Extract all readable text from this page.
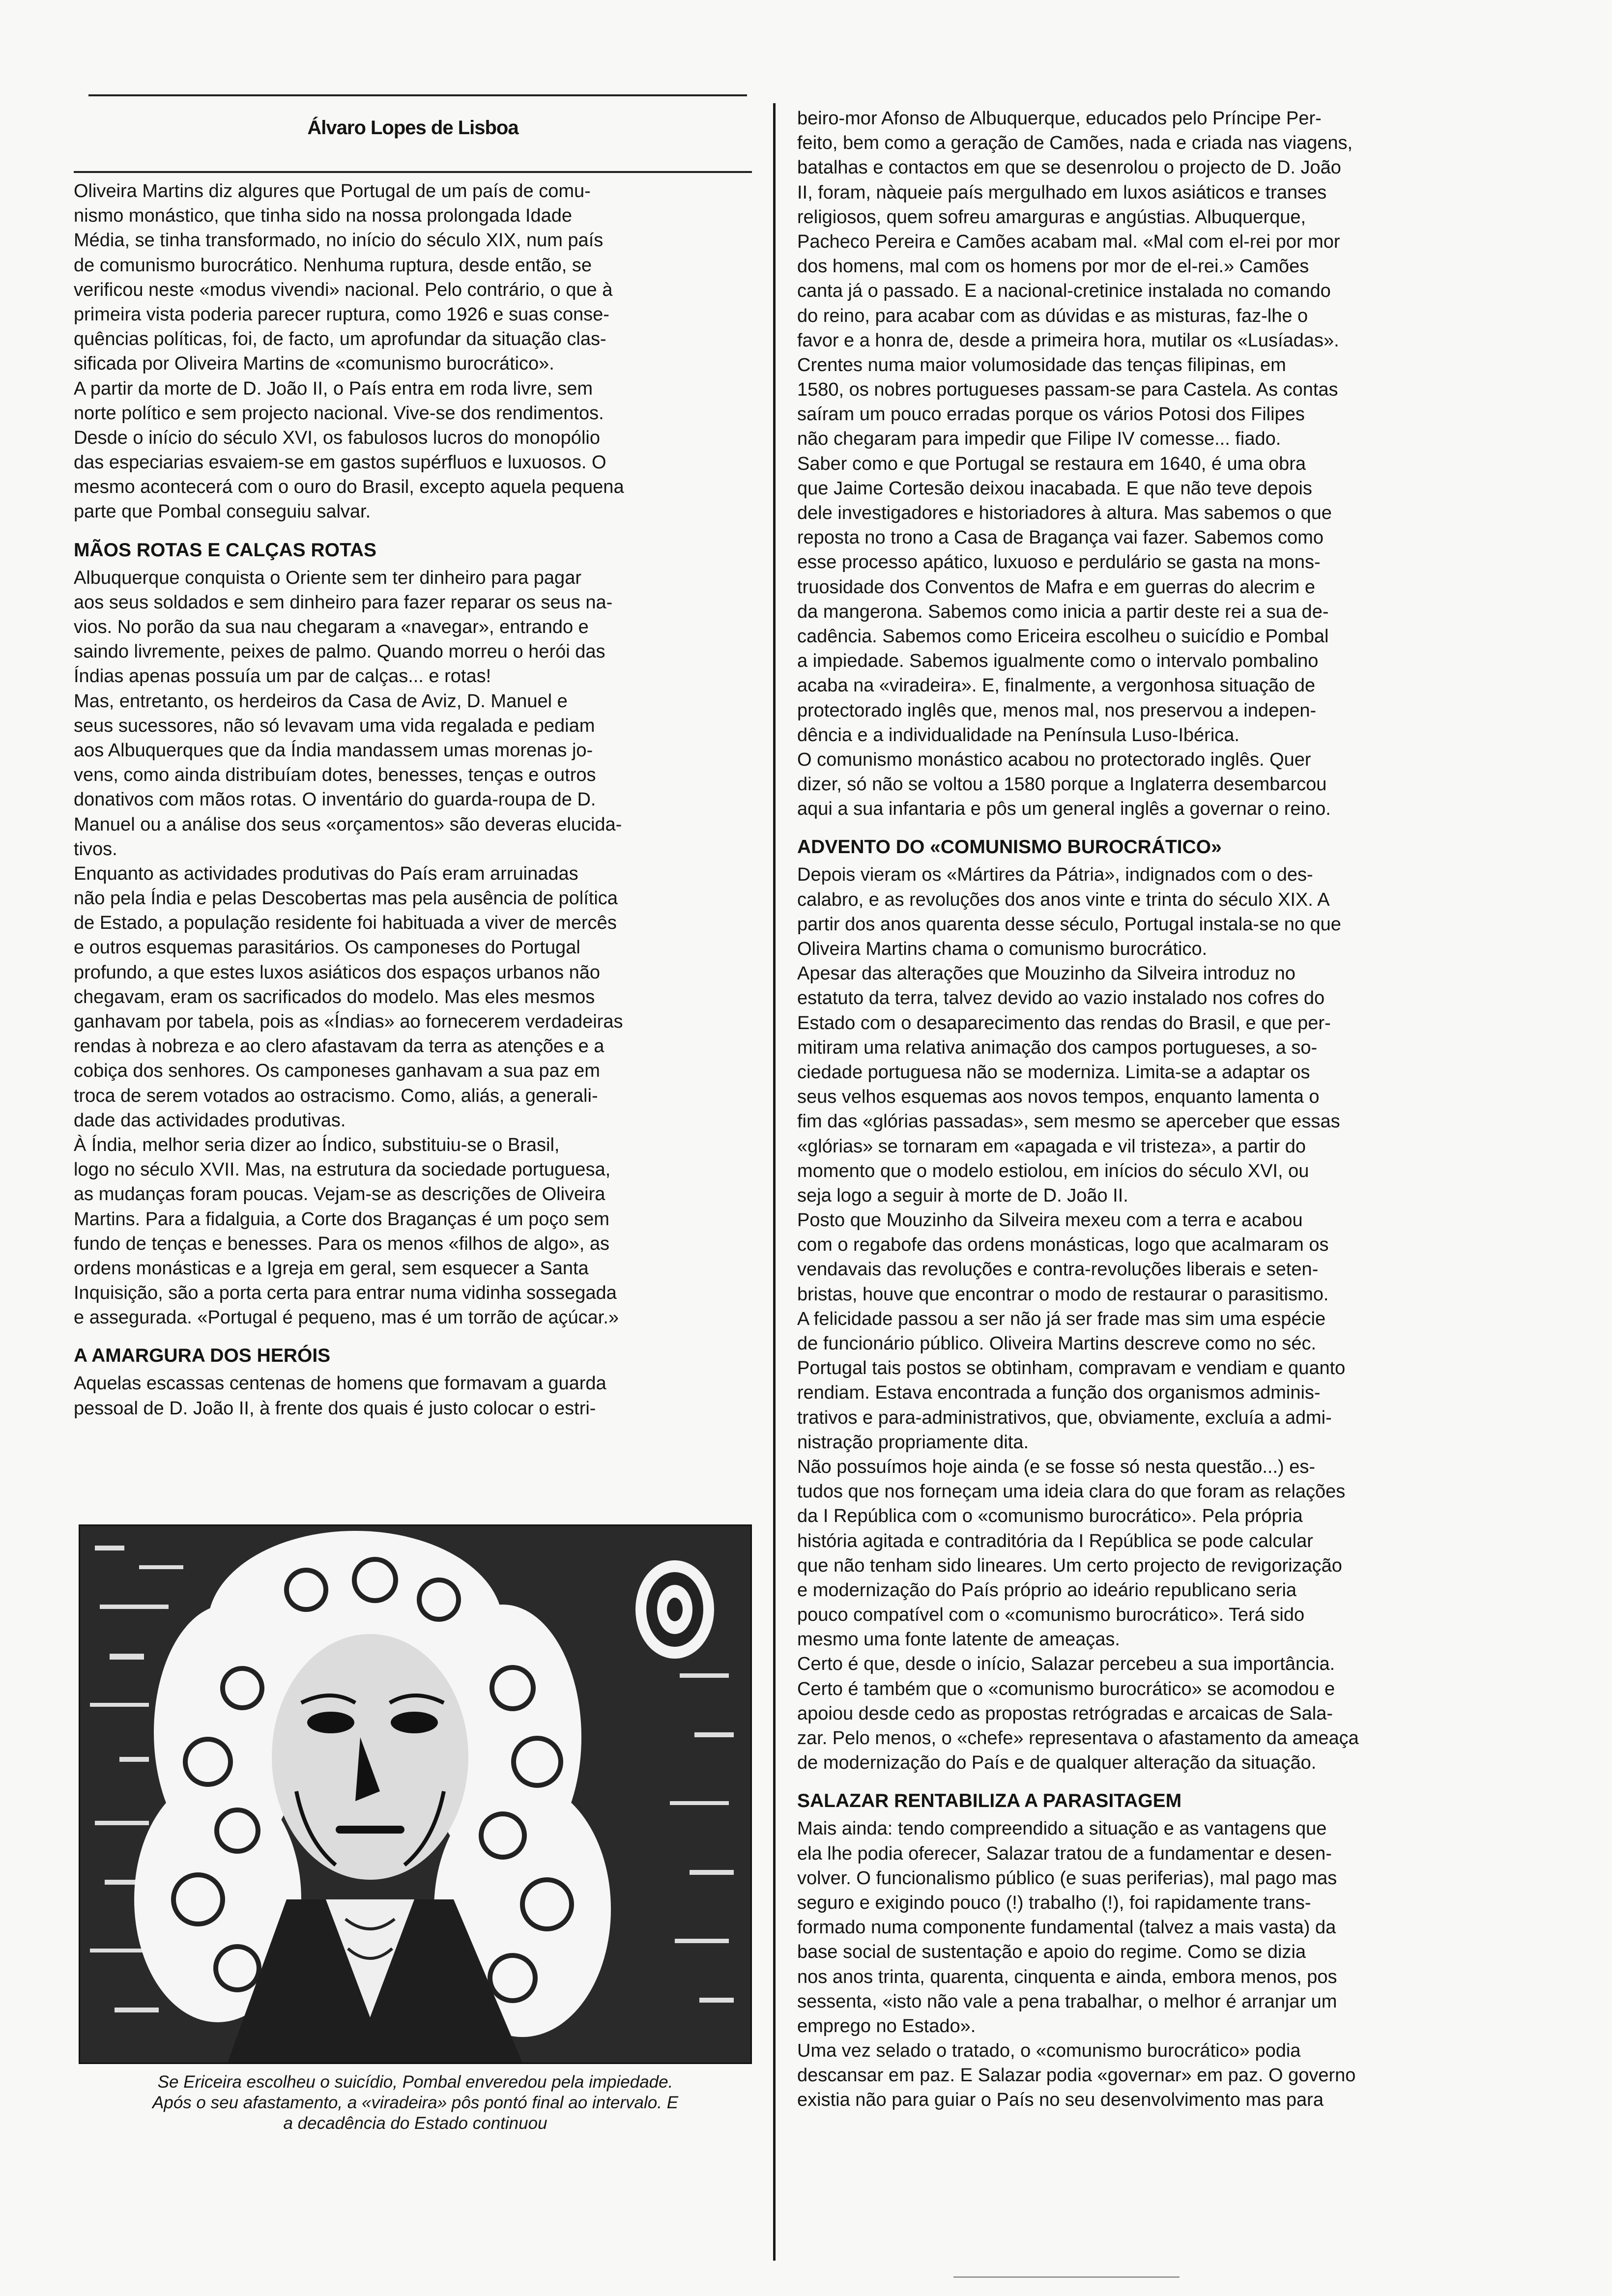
Álvaro Lopes de Lisboa
Oliveira Martins diz algures que Portugal de um país de comu-
nismo monástico, que tinha sido na nossa prolongada Idade
Média, se tinha transformado, no início do século XIX, num país
de comunismo burocrático. Nenhuma ruptura, desde então, se
verificou neste «modus vivendi» nacional. Pelo contrário, o que à
primeira vista poderia parecer ruptura, como 1926 e suas conse-
quências políticas, foi, de facto, um aprofundar da situação clas-
sificada por Oliveira Martins de «comunismo burocrático».
A partir da morte de D. João II, o País entra em roda livre, sem
norte político e sem projecto nacional. Vive-se dos rendimentos.
Desde o início do século XVI, os fabulosos lucros do monopólio
das especiarias esvaiem-se em gastos supérfluos e luxuosos. O
mesmo acontecerá com o ouro do Brasil, excepto aquela pequena
parte que Pombal conseguiu salvar.
MÃOS ROTAS E CALÇAS ROTAS
Albuquerque conquista o Oriente sem ter dinheiro para pagar
aos seus soldados e sem dinheiro para fazer reparar os seus na-
vios. No porão da sua nau chegaram a «navegar», entrando e
saindo livremente, peixes de palmo. Quando morreu o herói das
Índias apenas possuía um par de calças... e rotas!
Mas, entretanto, os herdeiros da Casa de Aviz, D. Manuel e
seus sucessores, não só levavam uma vida regalada e pediam
aos Albuquerques que da Índia mandassem umas morenas jo-
vens, como ainda distribuíam dotes, benesses, tenças e outros
donativos com mãos rotas. O inventário do guarda-roupa de D.
Manuel ou a análise dos seus «orçamentos» são deveras elucida-
tivos.
Enquanto as actividades produtivas do País eram arruinadas
não pela Índia e pelas Descobertas mas pela ausência de política
de Estado, a população residente foi habituada a viver de mercês
e outros esquemas parasitários. Os camponeses do Portugal
profundo, a que estes luxos asiáticos dos espaços urbanos não
chegavam, eram os sacrificados do modelo. Mas eles mesmos
ganhavam por tabela, pois as «Índias» ao fornecerem verdadeiras
rendas à nobreza e ao clero afastavam da terra as atenções e a
cobiça dos senhores. Os camponeses ganhavam a sua paz em
troca de serem votados ao ostracismo. Como, aliás, a generali-
dade das actividades produtivas.
À Índia, melhor seria dizer ao Índico, substituiu-se o Brasil,
logo no século XVII. Mas, na estrutura da sociedade portuguesa,
as mudanças foram poucas. Vejam-se as descrições de Oliveira
Martins. Para a fidalguia, a Corte dos Braganças é um poço sem
fundo de tenças e benesses. Para os menos «filhos de algo», as
ordens monásticas e a Igreja em geral, sem esquecer a Santa
Inquisição, são a porta certa para entrar numa vidinha sossegada
e assegurada. «Portugal é pequeno, mas é um torrão de açúcar.»
A AMARGURA DOS HERÓIS
Aquelas escassas centenas de homens que formavam a guarda
pessoal de D. João II, à frente dos quais é justo colocar o estri-
Se Ericeira escolheu o suicídio, Pombal enveredou pela impiedade.
Após o seu afastamento, a «viradeira» pôs pontó final ao intervalo. E
a decadência do Estado continuou
beiro-mor Afonso de Albuquerque, educados pelo Príncipe Per-
feito, bem como a geração de Camões, nada e criada nas viagens,
batalhas e contactos em que se desenrolou o projecto de D. João
II, foram, nàqueie país mergulhado em luxos asiáticos e transes
religiosos, quem sofreu amarguras e angústias. Albuquerque,
Pacheco Pereira e Camões acabam mal. «Mal com el-rei por mor
dos homens, mal com os homens por mor de el-rei.» Camões
canta já o passado. E a nacional-cretinice instalada no comando
do reino, para acabar com as dúvidas e as misturas, faz-lhe o
favor e a honra de, desde a primeira hora, mutilar os «Lusíadas».
Crentes numa maior volumosidade das tenças filipinas, em
1580, os nobres portugueses passam-se para Castela. As contas
saíram um pouco erradas porque os vários Potosi dos Filipes
não chegaram para impedir que Filipe IV comesse... fiado.
Saber como e que Portugal se restaura em 1640, é uma obra
que Jaime Cortesão deixou inacabada. E que não teve depois
dele investigadores e historiadores à altura. Mas sabemos o que
reposta no trono a Casa de Bragança vai fazer. Sabemos como
esse processo apático, luxuoso e perdulário se gasta na mons-
truosidade dos Conventos de Mafra e em guerras do alecrim e
da mangerona. Sabemos como inicia a partir deste rei a sua de-
cadência. Sabemos como Ericeira escolheu o suicídio e Pombal
a impiedade. Sabemos igualmente como o intervalo pombalino
acaba na «viradeira». E, finalmente, a vergonhosa situação de
protectorado inglês que, menos mal, nos preservou a indepen-
dência e a individualidade na Península Luso-Ibérica.
O comunismo monástico acabou no protectorado inglês. Quer
dizer, só não se voltou a 1580 porque a Inglaterra desembarcou
aqui a sua infantaria e pôs um general inglês a governar o reino.
ADVENTO DO «COMUNISMO BUROCRÁTICO»
Depois vieram os «Mártires da Pátria», indignados com o des-
calabro, e as revoluções dos anos vinte e trinta do século XIX. A
partir dos anos quarenta desse século, Portugal instala-se no que
Oliveira Martins chama o comunismo burocrático.
Apesar das alterações que Mouzinho da Silveira introduz no
estatuto da terra, talvez devido ao vazio instalado nos cofres do
Estado com o desaparecimento das rendas do Brasil, e que per-
mitiram uma relativa animação dos campos portugueses, a so-
ciedade portuguesa não se moderniza. Limita-se a adaptar os
seus velhos esquemas aos novos tempos, enquanto lamenta o
fim das «glórias passadas», sem mesmo se aperceber que essas
«glórias» se tornaram em «apagada e vil tristeza», a partir do
momento que o modelo estiolou, em inícios do século XVI, ou
seja logo a seguir à morte de D. João II.
Posto que Mouzinho da Silveira mexeu com a terra e acabou
com o regabofe das ordens monásticas, logo que acalmaram os
vendavais das revoluções e contra-revoluções liberais e seten-
bristas, houve que encontrar o modo de restaurar o parasitismo.
A felicidade passou a ser não já ser frade mas sim uma espécie
de funcionário público. Oliveira Martins descreve como no séc.
Portugal tais postos se obtinham, compravam e vendiam e quanto
rendiam. Estava encontrada a função dos organismos adminis-
trativos e para-administrativos, que, obviamente, excluía a admi-
nistração propriamente dita.
Não possuímos hoje ainda (e se fosse só nesta questão...) es-
tudos que nos forneçam uma ideia clara do que foram as relações
da I República com o «comunismo burocrático». Pela própria
história agitada e contraditória da I República se pode calcular
que não tenham sido lineares. Um certo projecto de revigorização
e modernização do País próprio ao ideário republicano seria
pouco compatível com o «comunismo burocrático». Terá sido
mesmo uma fonte latente de ameaças.
Certo é que, desde o início, Salazar percebeu a sua importância.
Certo é também que o «comunismo burocrático» se acomodou e
apoiou desde cedo as propostas retrógradas e arcaicas de Sala-
zar. Pelo menos, o «chefe» representava o afastamento da ameaça
de modernização do País e de qualquer alteração da situação.
SALAZAR RENTABILIZA A PARASITAGEM
Mais ainda: tendo compreendido a situação e as vantagens que
ela lhe podia oferecer, Salazar tratou de a fundamentar e desen-
volver. O funcionalismo público (e suas periferias), mal pago mas
seguro e exigindo pouco (!) trabalho (!), foi rapidamente trans-
formado numa componente fundamental (talvez a mais vasta) da
base social de sustentação e apoio do regime. Como se dizia
nos anos trinta, quarenta, cinquenta e ainda, embora menos, pos
sessenta, «isto não vale a pena trabalhar, o melhor é arranjar um
emprego no Estado».
Uma vez selado o tratado, o «comunismo burocrático» podia
descansar em paz. E Salazar podia «governar» em paz. O governo
existia não para guiar o País no seu desenvolvimento mas para
